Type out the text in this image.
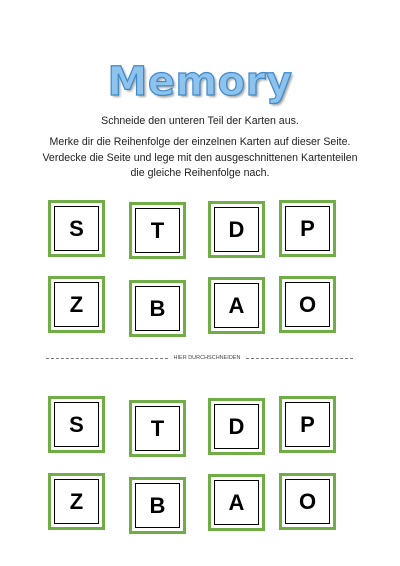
Memory

Schneide den unteren Teil der Karten aus.

Merke dir die Reihenfolge der einzelnen Karten auf dieser Seite. Verdecke die Seite und lege mit den ausgeschnittenen Kartenteilen die gleiche Reihenfolge nach.

S	T	D	P
Z	B	A	O
HIER DURCHSCHNEIDEN
S	T	D	P
Z	B	A	O
